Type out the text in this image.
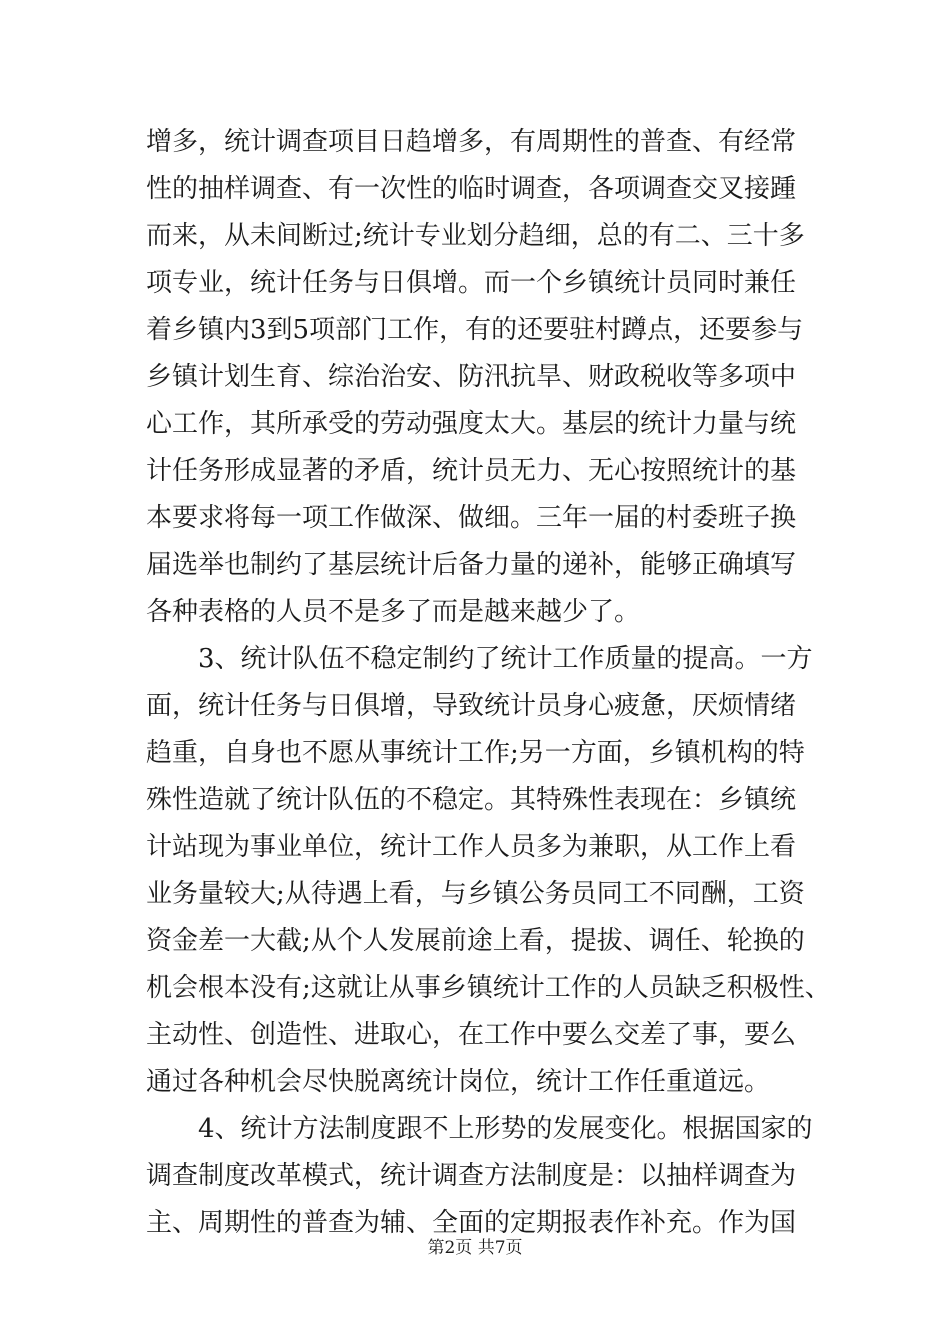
增多，统计调查项目日趋增多，有周期性的普查、有经常
性的抽样调查、有一次性的临时调查，各项调查交叉接踵
而来，从未间断过;统计专业划分趋细，总的有二、三十多
项专业，统计任务与日俱增。而一个乡镇统计员同时兼任
着乡镇内3到5项部门工作，有的还要驻村蹲点，还要参与
乡镇计划生育、综治治安、防汛抗旱、财政税收等多项中
心工作，其所承受的劳动强度太大。基层的统计力量与统
计任务形成显著的矛盾，统计员无力、无心按照统计的基
本要求将每一项工作做深、做细。三年一届的村委班子换
届选举也制约了基层统计后备力量的递补，能够正确填写
各种表格的人员不是多了而是越来越少了。
3、统计队伍不稳定制约了统计工作质量的提高。一方
面，统计任务与日俱增，导致统计员身心疲惫，厌烦情绪
趋重，自身也不愿从事统计工作;另一方面，乡镇机构的特
殊性造就了统计队伍的不稳定。其特殊性表现在：乡镇统
计站现为事业单位，统计工作人员多为兼职，从工作上看
业务量较大;从待遇上看，与乡镇公务员同工不同酬，工资
资金差一大截;从个人发展前途上看，提拔、调任、轮换的
机会根本没有;这就让从事乡镇统计工作的人员缺乏积极性、
主动性、创造性、进取心，在工作中要么交差了事，要么
通过各种机会尽快脱离统计岗位，统计工作任重道远。
4、统计方法制度跟不上形势的发展变化。根据国家的
调查制度改革模式，统计调查方法制度是：以抽样调查为
主、周期性的普查为辅、全面的定期报表作补充。作为国
第2页 共7页
